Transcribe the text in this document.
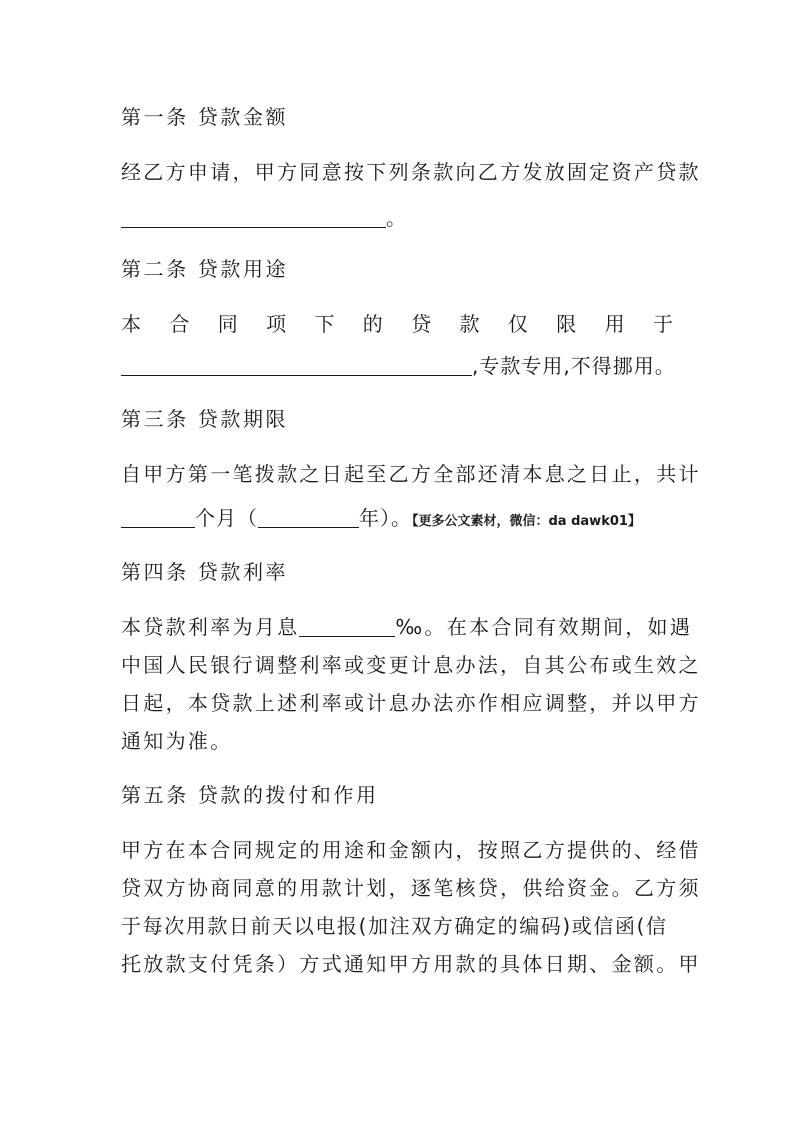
第一条 贷款金额
经乙方申请，甲方同意按下列条款向乙方发放固定资产贷款
。
第二条 贷款用途
本 合 同 项 下 的 贷 款 仅 限 用 于
,专款专用,不得挪用。
第三条 贷款期限
自甲方第一笔拨款之日起至乙方全部还清本息之日止，共计
个月（	年）。【更多公文素材，微信：da dawk01】
第四条 贷款利率
本贷款利率为月息	‰。在本合同有效期间，如遇
中国人民银行调整利率或变更计息办法，自其公布或生效之
日起，本贷款上述利率或计息办法亦作相应调整，并以甲方
通知为准。
第五条 贷款的拨付和作用
甲方在本合同规定的用途和金额内，按照乙方提供的、经借
贷双方协商同意的用款计划，逐笔核贷，供给资金。乙方须
于每次用款日前天以电报(加注双方确定的编码)或信函(信
托放款支付凭条）方式通知甲方用款的具体日期、金额。甲
